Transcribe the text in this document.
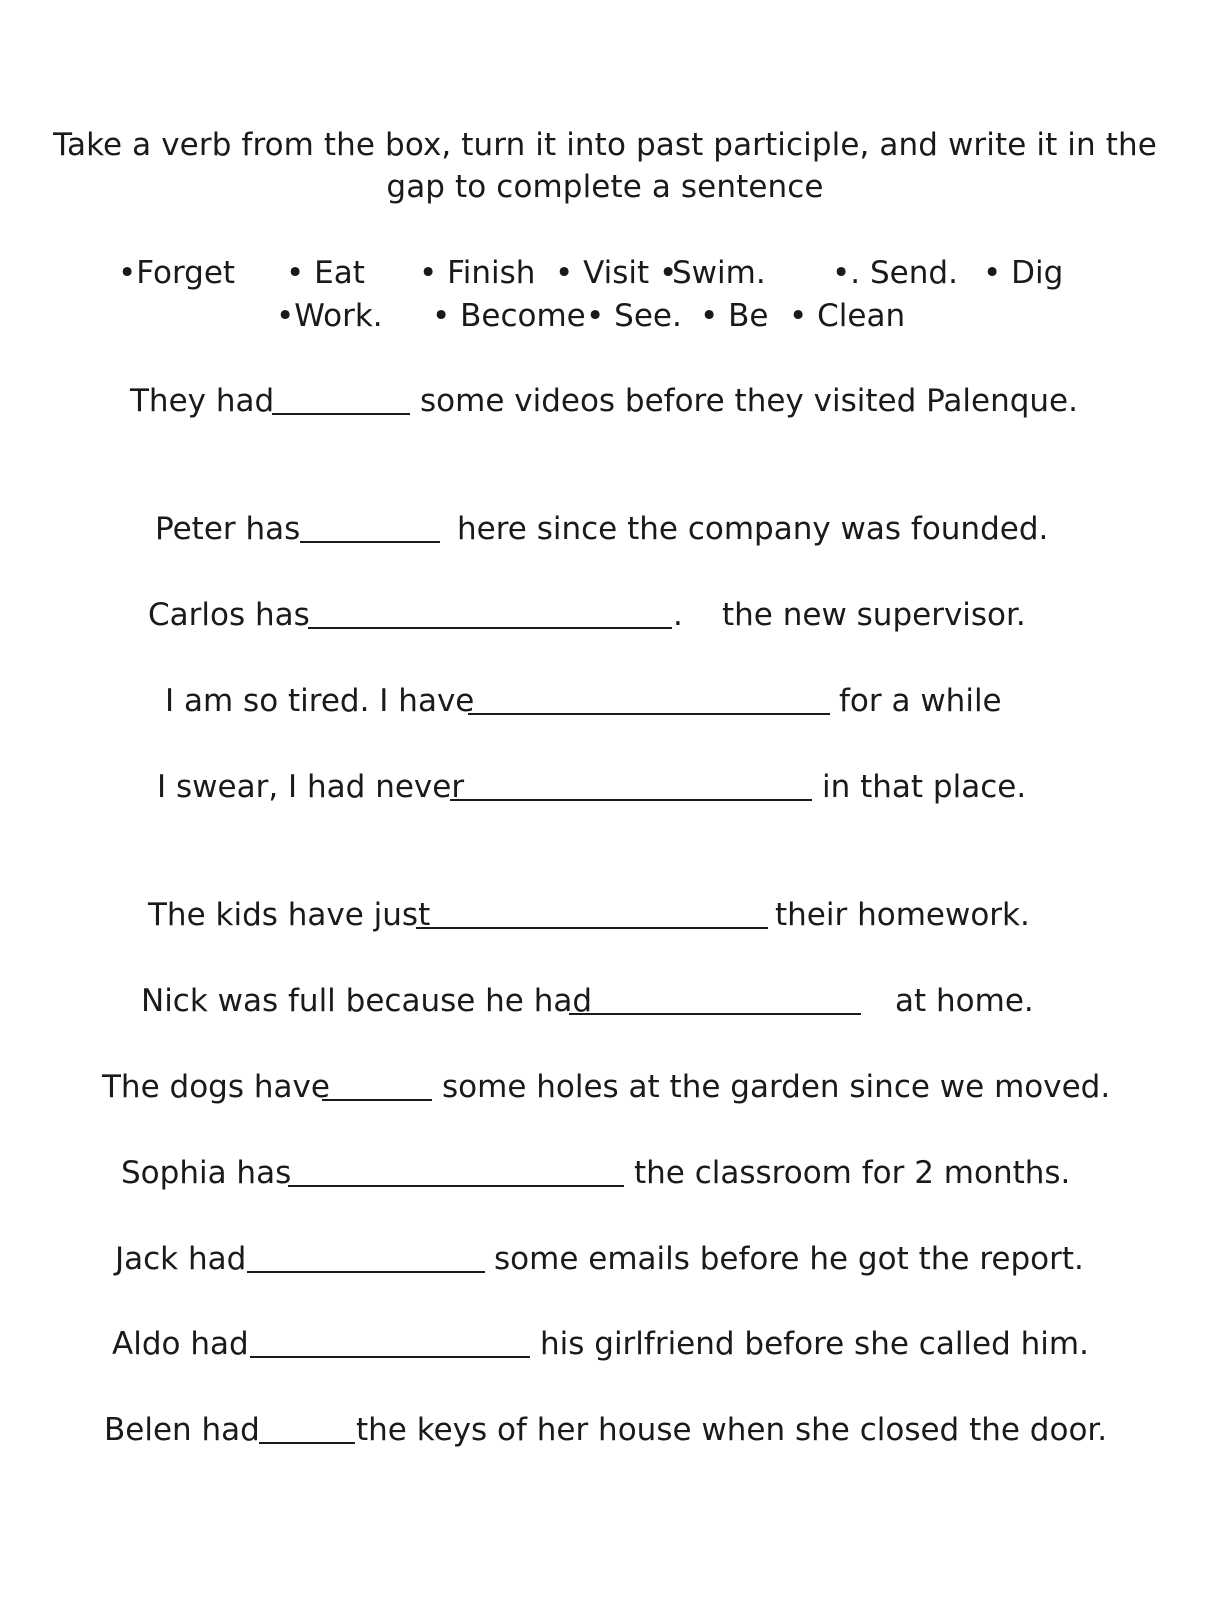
Take a verb from the box, turn it into past participle, and write it in the
gap to complete a sentence
•Forget • Eat • Finish • Visit •
Swim. •. Send. • Dig
•Work. • Become • See. • Be • Clean
They had	some videos before they visited Palenque.
Peter has	here since the company was founded.
Carlos has	. the new supervisor.
I am so tired. I have	for a while
I swear, I had never	in that place.
The kids have just	their homework.
Nick was full because he had	at home.
The dogs have	some holes at the garden since we moved.
Sophia has	the classroom for 2 months.
Jack had	some emails before he got the report.
Aldo had	his girlfriend before she called him.
Belen had	the keys of her house when she closed the door.
